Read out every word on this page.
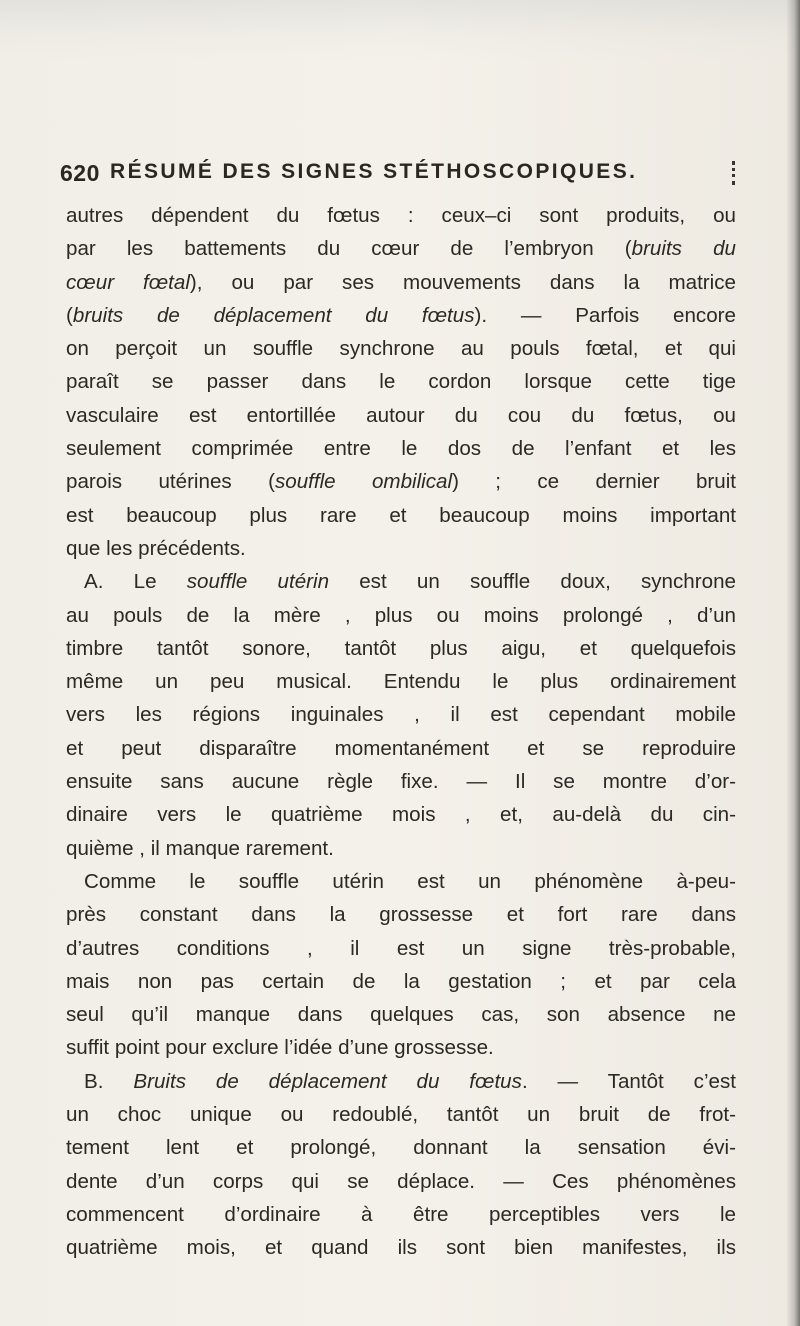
620 RÉSUMÉ DES SIGNES STÉTHOSCOPIQUES.
autres dépendent du fœtus : ceux–ci sont produits, ou
par les battements du cœur de l’embryon (bruits du
cœur fœtal), ou par ses mouvements dans la matrice
(bruits de déplacement du fœtus). — Parfois encore
on perçoit un souffle synchrone au pouls fœtal, et qui
paraît se passer dans le cordon lorsque cette tige
vasculaire est entortillée autour du cou du fœtus, ou
seulement comprimée entre le dos de l’enfant et les
parois utérines (souffle ombilical) ; ce dernier bruit
est beaucoup plus rare et beaucoup moins important
que les précédents.
A. Le souffle utérin est un souffle doux, synchrone
au pouls de la mère , plus ou moins prolongé , d’un
timbre tantôt sonore, tantôt plus aigu, et quelquefois
même un peu musical. Entendu le plus ordinairement
vers les régions inguinales , il est cependant mobile
et peut disparaître momentanément et se reproduire
ensuite sans aucune règle fixe. — Il se montre d’or-
dinaire vers le quatrième mois , et, au-delà du cin-
quième , il manque rarement.
Comme le souffle utérin est un phénomène à-peu-
près constant dans la grossesse et fort rare dans
d’autres conditions , il est un signe très-probable,
mais non pas certain de la gestation ; et par cela
seul qu’il manque dans quelques cas, son absence ne
suffit point pour exclure l’idée d’une grossesse.
B. Bruits de déplacement du fœtus. — Tantôt c’est
un choc unique ou redoublé, tantôt un bruit de frot-
tement lent et prolongé, donnant la sensation évi-
dente d’un corps qui se déplace. — Ces phénomènes
commencent d’ordinaire à être perceptibles vers le
quatrième mois, et quand ils sont bien manifestes, ils
